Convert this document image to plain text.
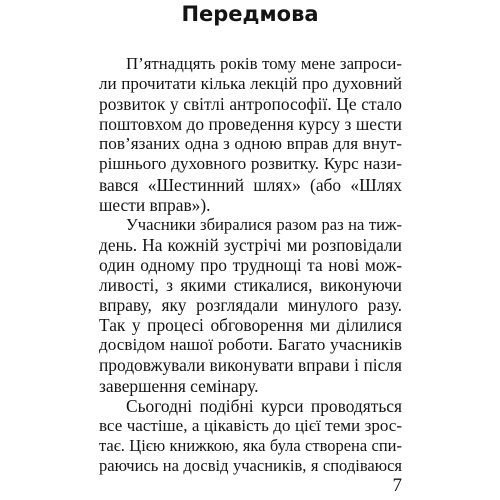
Передмова

П’ятнадцять років тому мене запроси-
ли прочитати кілька лекцій про духовний
розвиток у світлі антропософії. Це стало
поштовхом до проведення курсу з шести
пов’язаних одна з одною вправ для внут-
рішнього духовного розвитку. Курс нази-
вався «Шестинний шлях» (або «Шлях
шести вправ»).

Учасники збиралися разом раз на тиж-
день. На кожній зустрічі ми розповідали
один одному про труднощі та нові мож-
ливості, з якими стикалися, виконуючи
вправу, яку розглядали минулого разу.
Так у процесі обговорення ми ділилися
досвідом нашої роботи. Багато учасників
продовжували виконувати вправи і після
завершення семінару.

Сьогодні подібні курси проводяться
все частіше, а цікавість до цієї теми зрос-
тає. Цією книжкою, яка була створена спи-
раючись на досвід учасників, я сподіваюся

7
